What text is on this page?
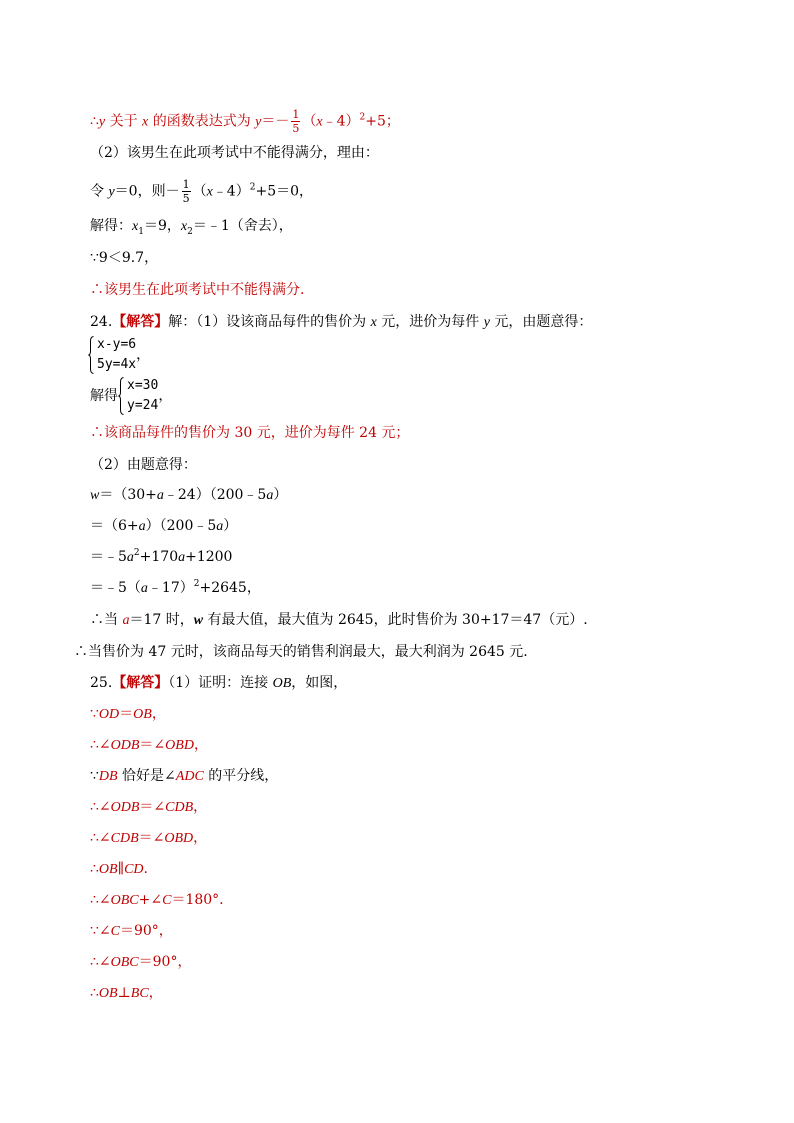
∴y 关于 x 的函数表达式为 $y=- \frac{1}{5}$ （x﹣4）$^2$+5；
（2）该男生在此项考试中不能得满分，理由：
令 y＝0，则－ $\frac{1}{5}$ （x﹣4）$^2$+5＝0，
解得：$x_1=9$，$x_2=﹣1$（舍去），
∵9＜9.7，
∴该男生在此项考试中不能得满分.
24.【解答】解：（1）设该商品每件的售价为 x 元，进价为每件 y 元，由题意得：
x-y=6
5y=4x
，
解得
x=30
y=24
，
∴该商品每件的售价为 30 元，进价为每件 24 元；
（2）由题意得：
w＝（30+a﹣24）（200﹣5a）
＝（6+a）（200﹣5a）
$=﹣5a^2+170a+1200$
＝﹣5（a﹣17）$^2$+2645，
∴当 a＝17 时，w 有最大值，最大值为 2645，此时售价为 30+17＝47（元）.
∴当售价为 47 元时，该商品每天的销售利润最大，最大利润为 2645 元.
25.【解答】（1）证明：连接 OB，如图，
∵OD＝OB，
∴∠ODB＝∠OBD，
∵DB 恰好是∠ADC 的平分线，
∴∠ODB＝∠CDB，
∴∠CDB＝∠OBD，
∴OB∥CD.
∴∠OBC+∠C＝180°.
∵∠C＝90°，
∴∠OBC＝90°，
∴OB⊥BC，
